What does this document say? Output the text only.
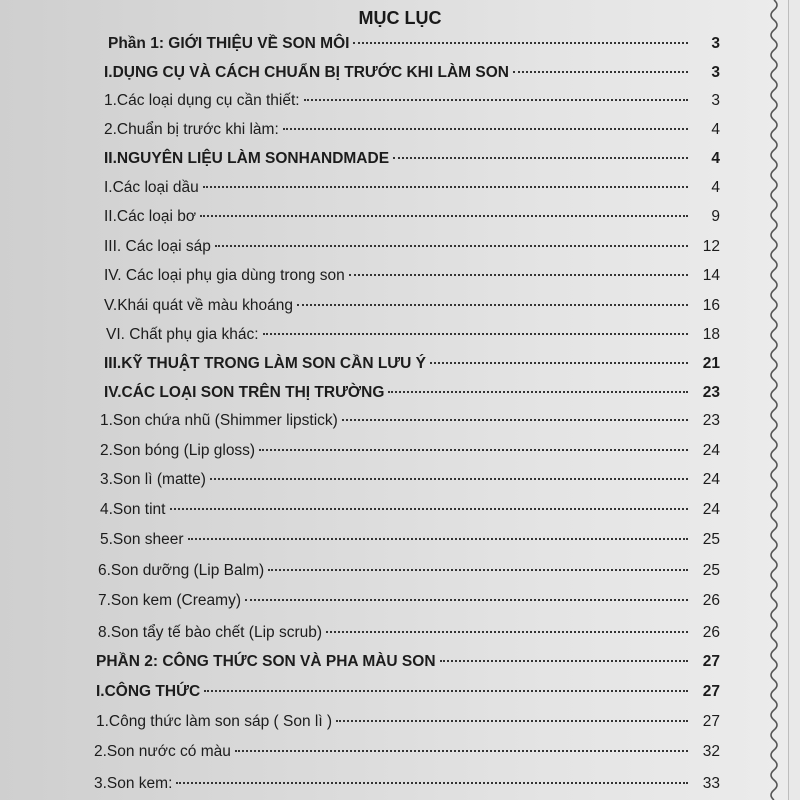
MỤC LỤC
Phần 1: GIỚI THIỆU VỀ SON MÔI	3
I.DỤNG CỤ VÀ CÁCH CHUẨN BỊ TRƯỚC KHI LÀM SON	3
1.Các loại dụng cụ cần thiết:	3
2.Chuẩn bị trước khi làm:	4
II.NGUYÊN LIỆU LÀM SONHANDMADE	4
I.Các loại dầu	4
II.Các loại bơ	9
III. Các loại sáp	12
IV. Các loại phụ gia dùng trong son	14
V.Khái quát về màu khoáng	16
VI. Chất phụ gia khác:	18
III.KỸ THUẬT TRONG LÀM SON CẦN LƯU Ý	21
IV.CÁC LOẠI SON TRÊN THỊ TRƯỜNG	23
1.Son chứa nhũ (Shimmer lipstick)	23
2.Son bóng (Lip gloss)	24
3.Son lì (matte)	24
4.Son tint	24
5.Son sheer	25
6.Son dưỡng (Lip Balm)	25
7.Son kem (Creamy)	26
8.Son tẩy tế bào chết (Lip scrub)	26
PHẦN 2: CÔNG THỨC SON VÀ PHA MÀU SON	27
I.CÔNG THỨC	27
1.Công thức làm son sáp ( Son lì )	27
2.Son nước có màu	32
3.Son kem:	33
